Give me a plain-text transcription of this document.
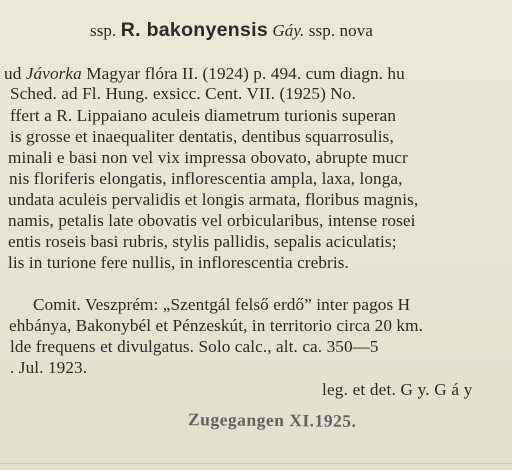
ssp. R. bakonyensis Gáy. ssp. nova
ud Jávorka Magyar flóra II. (1924) p. 494. cum diagn. hu
Sched. ad Fl. Hung. exsicc. Cent. VII. (1925) No.
ffert a R. Lippaiano aculeis diametrum turionis superan
is grosse et inaequaliter dentatis, dentibus squarrosulis,
minali e basi non vel vix impressa obovato, abrupte mucr
nis floriferis elongatis, inflorescentia ampla, laxa, longa,
undata aculeis pervalidis et longis armata, floribus magnis,
namis, petalis late obovatis vel orbicularibus, intense rosei
entis roseis basi rubris, stylis pallidis, sepalis aciculatis;
lis in turione fere nullis, in inflorescentia crebris.
Comit. Veszprém: „Szentgál felső erdő” inter pagos H
ehbánya, Bakonybél et Pénzeskút, in territorio circa 20 km.
lde frequens et divulgatus. Solo calc., alt. ca. 350—5
. Jul. 1923.
leg. et det. G y. G á y
Zugegangen XI.1925.
